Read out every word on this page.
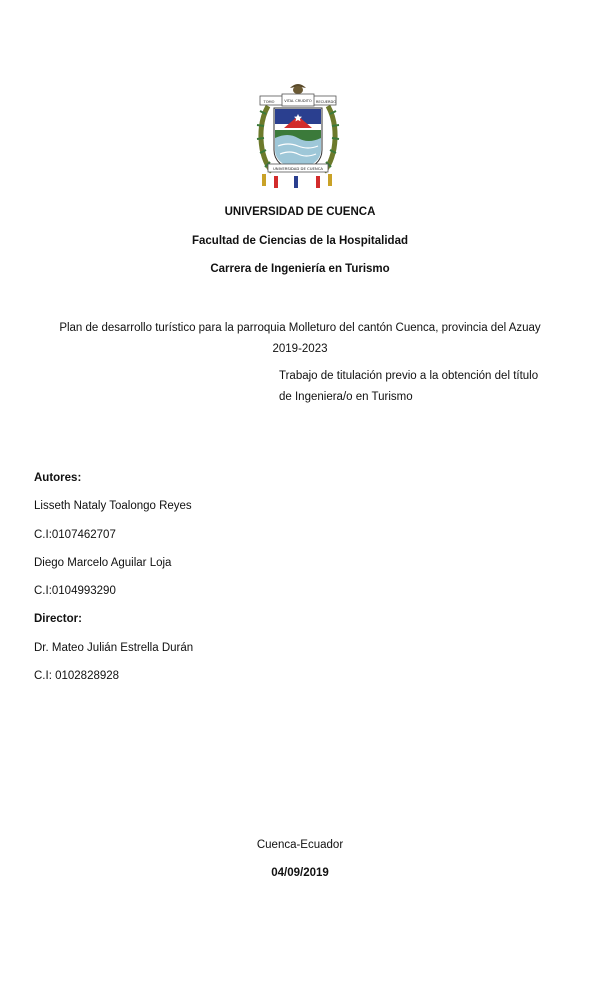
TOMO	VITAL CRUDITO RECUERDO
UNIVERSIDAD DE CUENCA
UNIVERSIDAD DE CUENCA
Facultad de Ciencias de la Hospitalidad
Carrera de Ingeniería en Turismo
Plan de desarrollo turístico para la parroquia Molleturo del cantón Cuenca, provincia del Azuay
2019-2023
Trabajo de titulación previo a la obtención del título
de Ingeniera/o en Turismo
Autores:
Lisseth Nataly Toalongo Reyes
C.I:0107462707
Diego Marcelo Aguilar Loja
C.I:0104993290
Director:
Dr. Mateo Julián Estrella Durán
C.I: 0102828928
Cuenca-Ecuador
04/09/2019
